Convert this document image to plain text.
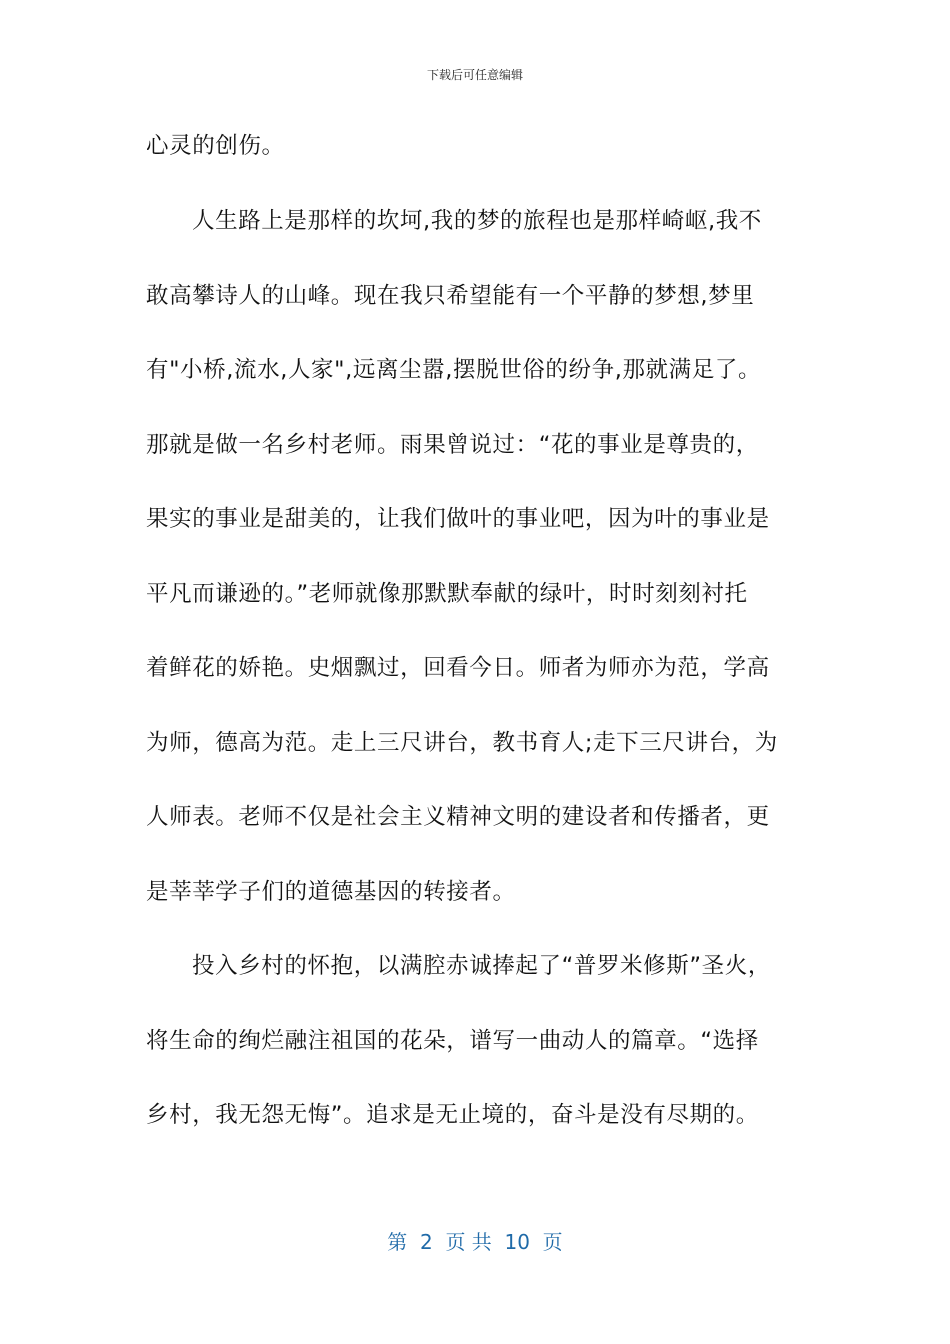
下载后可任意编辑
心灵的创伤。
人生路上是那样的坎坷,我的梦的旅程也是那样崎岖,我不
敢高攀诗人的山峰。现在我只希望能有一个平静的梦想,梦里
有"小桥,流水,人家",远离尘嚣,摆脱世俗的纷争,那就满足了。
那就是做一名乡村老师。雨果曾说过：“花的事业是尊贵的，
果实的事业是甜美的，让我们做叶的事业吧，因为叶的事业是
平凡而谦逊的。”老师就像那默默奉献的绿叶，时时刻刻衬托
着鲜花的娇艳。史烟飘过，回看今日。师者为师亦为范，学高
为师，德高为范。走上三尺讲台，教书育人;走下三尺讲台，为
人师表。老师不仅是社会主义精神文明的建设者和传播者，更
是莘莘学子们的道德基因的转接者。
投入乡村的怀抱，以满腔赤诚捧起了“普罗米修斯”圣火，
将生命的绚烂融注祖国的花朵，谱写一曲动人的篇章。“选择
乡村，我无怨无悔”。追求是无止境的，奋斗是没有尽期的。
第  2  页 共  10  页
